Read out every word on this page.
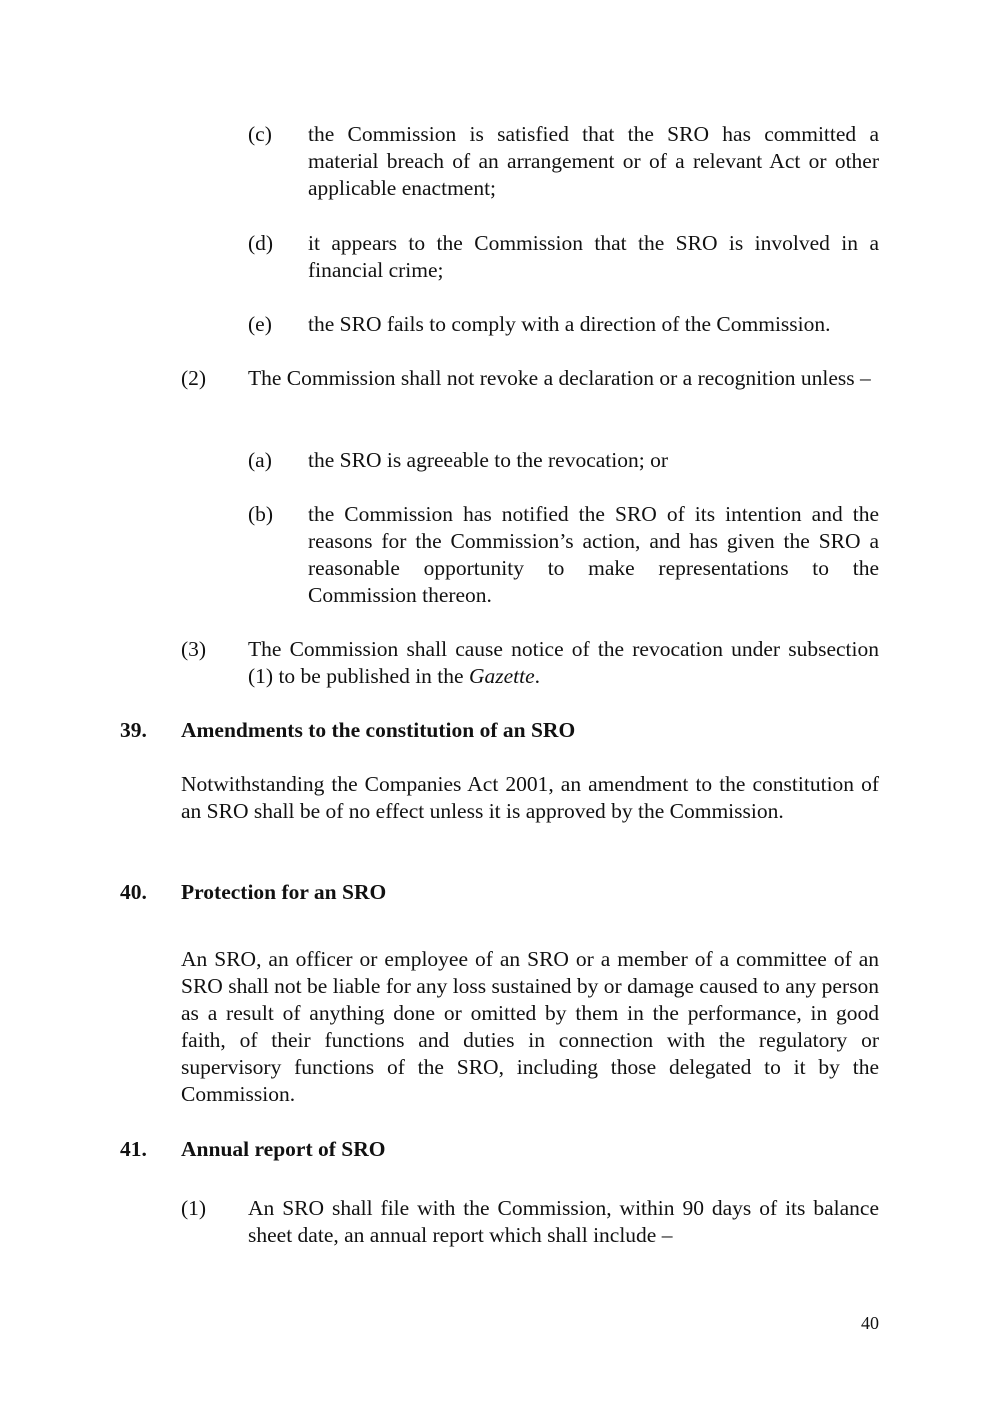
(c) the Commission is satisfied that the SRO has committed a material breach of an arrangement or of a relevant Act or other applicable enactment;
(d) it appears to the Commission that the SRO is involved in a financial crime;
(e) the SRO fails to comply with a direction of the Commission.
(2) The Commission shall not revoke a declaration or a recognition unless –
(a) the SRO is agreeable to the revocation; or
(b) the Commission has notified the SRO of its intention and the reasons for the Commission’s action, and has given the SRO a reasonable opportunity to make representations to the Commission thereon.
(3) The Commission shall cause notice of the revocation under subsection (1) to be published in the Gazette.
39. Amendments to the constitution of an SRO
Notwithstanding the Companies Act 2001, an amendment to the constitution of an SRO shall be of no effect unless it is approved by the Commission.
40. Protection for an SRO
An SRO, an officer or employee of an SRO or a member of a committee of an SRO shall not be liable for any loss sustained by or damage caused to any person as a result of anything done or omitted by them in the performance, in good faith, of their functions and duties in connection with the regulatory or supervisory functions of the SRO, including those delegated to it by the Commission.
41. Annual report of SRO
(1) An SRO shall file with the Commission, within 90 days of its balance sheet date, an annual report which shall include –
40
